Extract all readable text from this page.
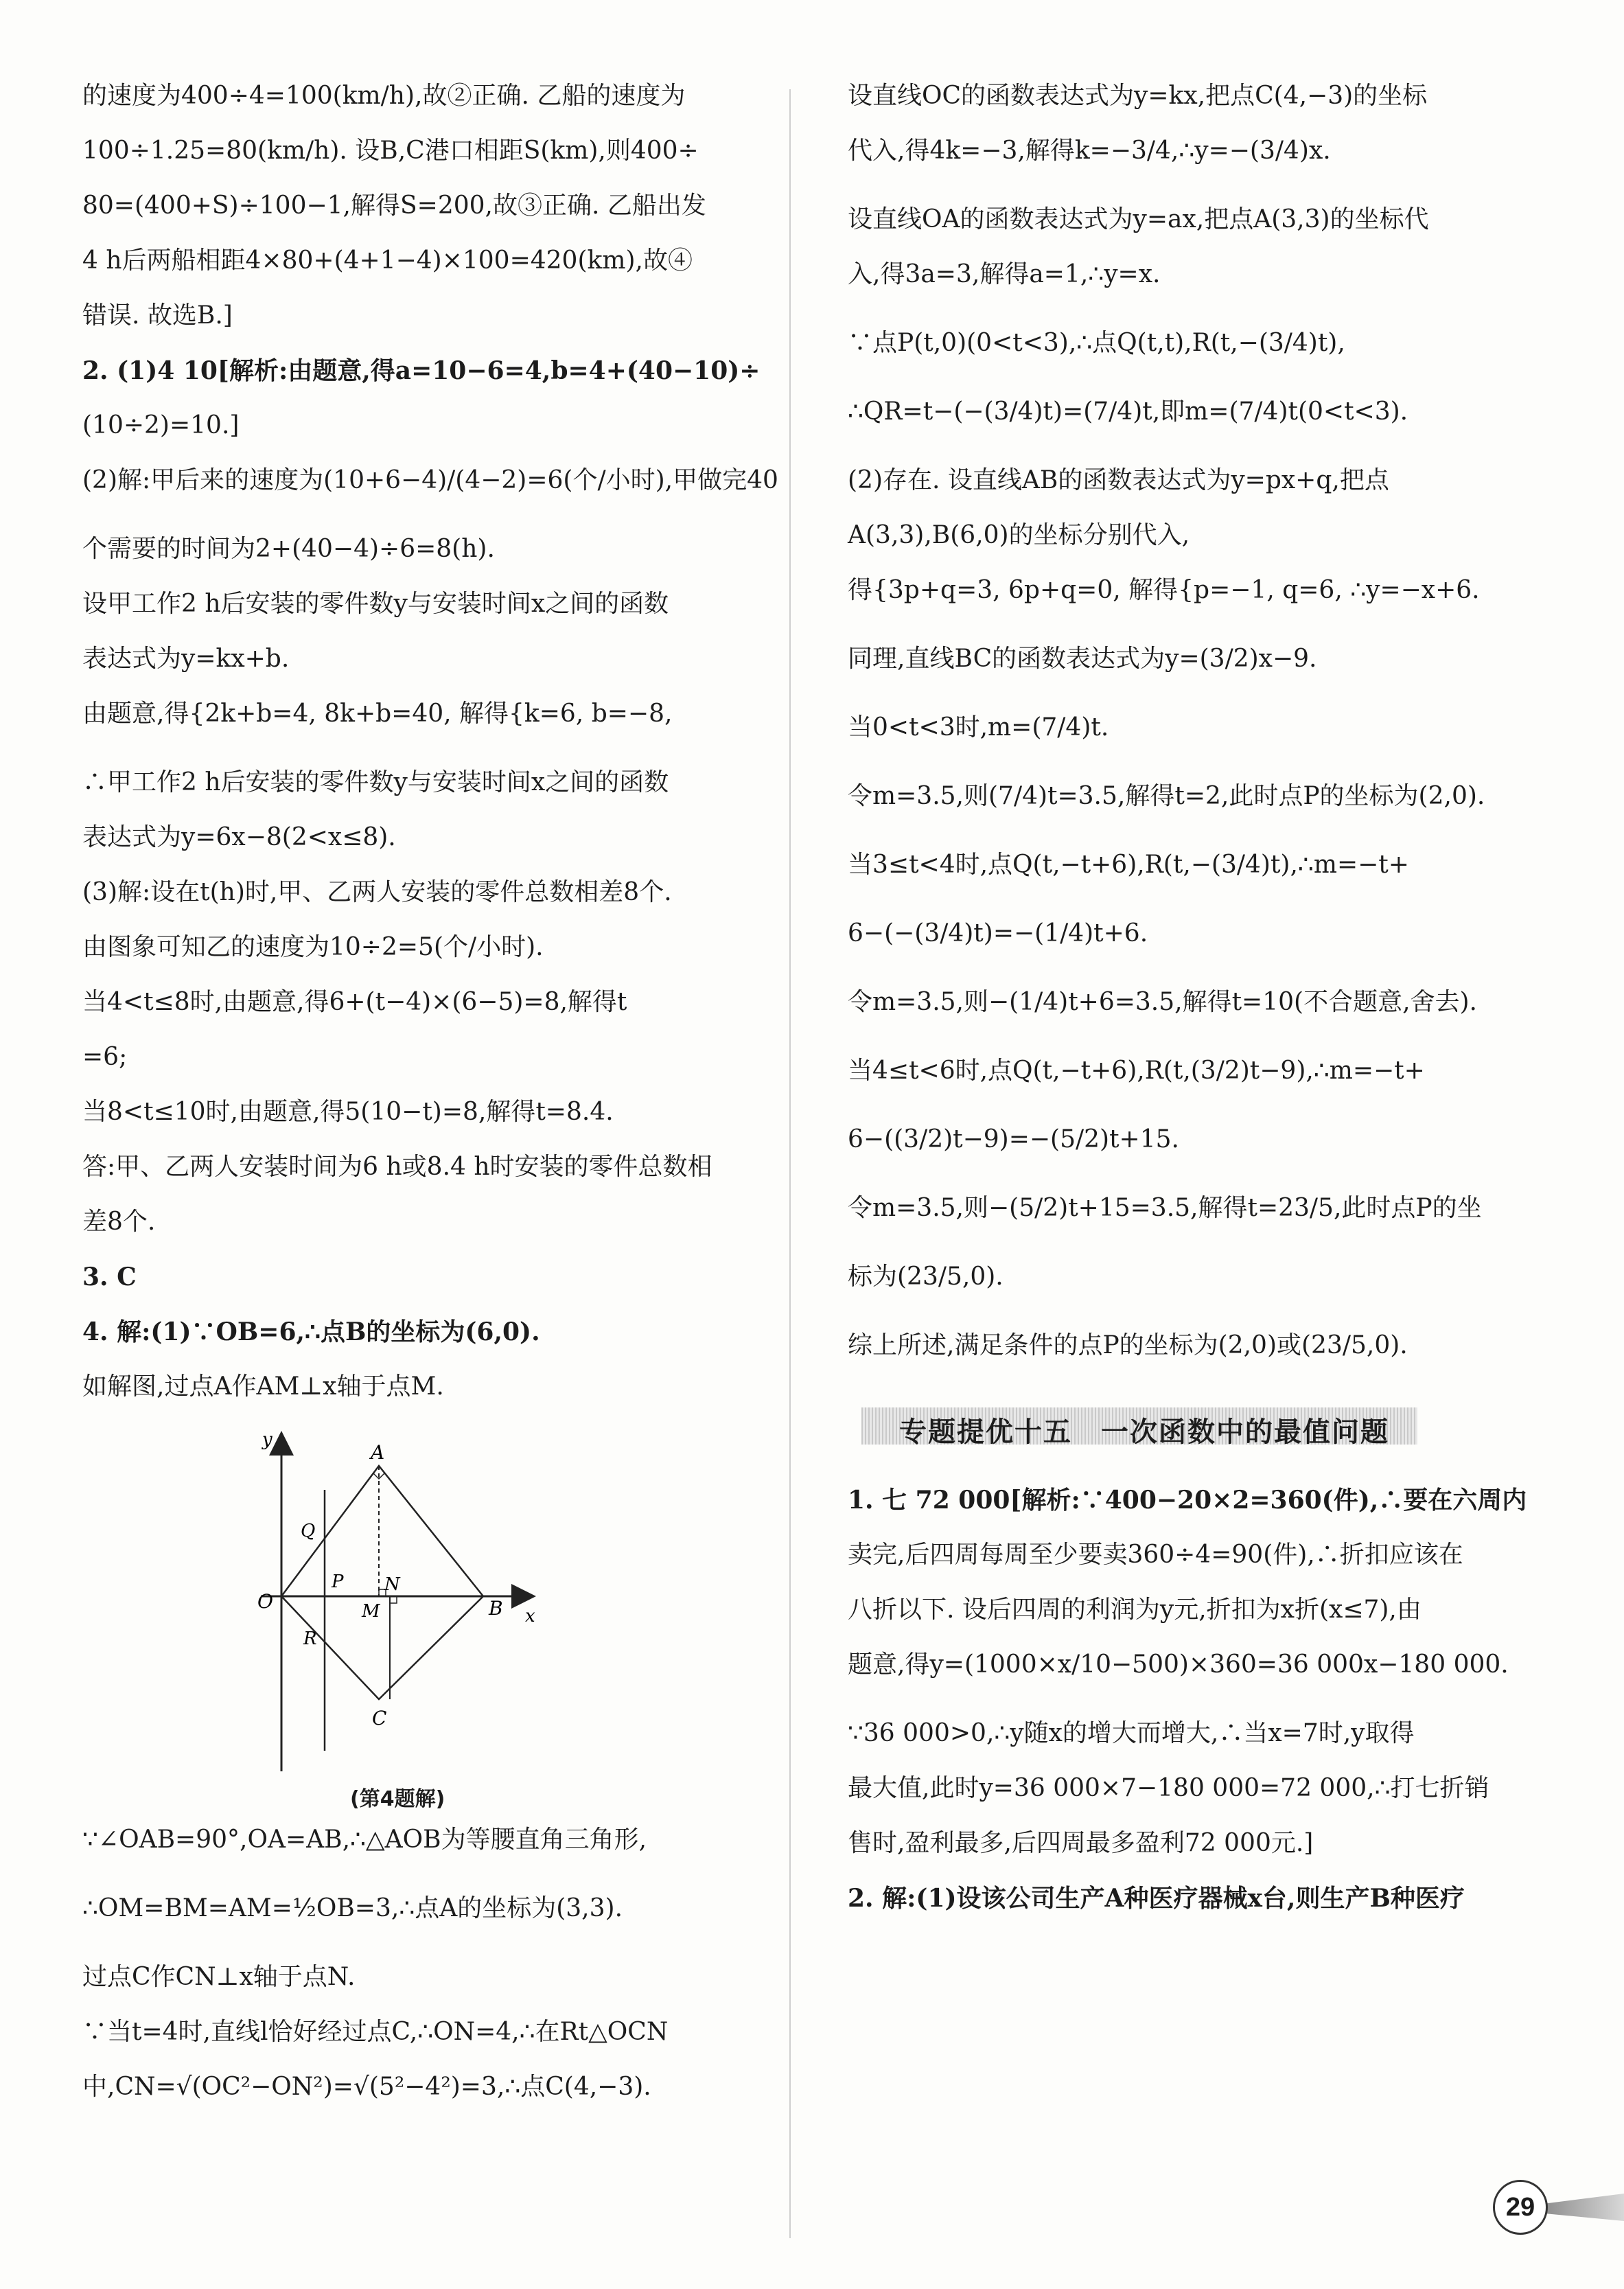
的速度为400÷4=100(km/h),故②正确. 乙船的速度为
100÷1.25=80(km/h). 设B,C港口相距S(km),则400÷
80=(400+S)÷100−1,解得S=200,故③正确. 乙船出发
4 h后两船相距4×80+(4+1−4)×100=420(km),故④
错误. 故选B.]
2. (1)4 10[解析:由题意,得a=10−6=4,b=4+(40−10)÷
(10÷2)=10.]
(2)解:甲后来的速度为(10+6−4)/(4−2)=6(个/小时),甲做完40
个需要的时间为2+(40−4)÷6=8(h).
设甲工作2 h后安装的零件数y与安装时间x之间的函数
表达式为y=kx+b.
由题意,得{2k+b=4, 8k+b=40, 解得{k=6, b=−8,
∴甲工作2 h后安装的零件数y与安装时间x之间的函数
表达式为y=6x−8(2<x≤8).
(3)解:设在t(h)时,甲、乙两人安装的零件总数相差8个.
由图象可知乙的速度为10÷2=5(个/小时).
当4<t≤8时,由题意,得6+(t−4)×(6−5)=8,解得t
=6;
当8<t≤10时,由题意,得5(10−t)=8,解得t=8.4.
答:甲、乙两人安装时间为6 h或8.4 h时安装的零件总数相
差8个.
3. C
4. 解:(1)∵OB=6,∴点B的坐标为(6,0).
如解图,过点A作AM⊥x轴于点M.
y
x
O
A
B
C
Q
P
R
M
N
(第4题解)
∵∠OAB=90°,OA=AB,∴△AOB为等腰直角三角形,
∴OM=BM=AM=½OB=3,∴点A的坐标为(3,3).
过点C作CN⊥x轴于点N.
∵当t=4时,直线l恰好经过点C,∴ON=4,∴在Rt△OCN
中,CN=√(OC²−ON²)=√(5²−4²)=3,∴点C(4,−3).
设直线OC的函数表达式为y=kx,把点C(4,−3)的坐标
代入,得4k=−3,解得k=−3/4,∴y=−(3/4)x.
设直线OA的函数表达式为y=ax,把点A(3,3)的坐标代
入,得3a=3,解得a=1,∴y=x.
∵点P(t,0)(0<t<3),∴点Q(t,t),R(t,−(3/4)t),
∴QR=t−(−(3/4)t)=(7/4)t,即m=(7/4)t(0<t<3).
(2)存在. 设直线AB的函数表达式为y=px+q,把点
A(3,3),B(6,0)的坐标分别代入,
得{3p+q=3, 6p+q=0, 解得{p=−1, q=6, ∴y=−x+6.
同理,直线BC的函数表达式为y=(3/2)x−9.
当0<t<3时,m=(7/4)t.
令m=3.5,则(7/4)t=3.5,解得t=2,此时点P的坐标为(2,0).
当3≤t<4时,点Q(t,−t+6),R(t,−(3/4)t),∴m=−t+
6−(−(3/4)t)=−(1/4)t+6.
令m=3.5,则−(1/4)t+6=3.5,解得t=10(不合题意,舍去).
当4≤t<6时,点Q(t,−t+6),R(t,(3/2)t−9),∴m=−t+
6−((3/2)t−9)=−(5/2)t+15.
令m=3.5,则−(5/2)t+15=3.5,解得t=23/5,此时点P的坐
标为(23/5,0).
综上所述,满足条件的点P的坐标为(2,0)或(23/5,0).
专题提优十五　一次函数中的最值问题
1. 七 72 000[解析:∵400−20×2=360(件),∴要在六周内
卖完,后四周每周至少要卖360÷4=90(件),∴折扣应该在
八折以下. 设后四周的利润为y元,折扣为x折(x≤7),由
题意,得y=(1000×x/10−500)×360=36 000x−180 000.
∵36 000>0,∴y随x的增大而增大,∴当x=7时,y取得
最大值,此时y=36 000×7−180 000=72 000,∴打七折销
售时,盈利最多,后四周最多盈利72 000元.]
2. 解:(1)设该公司生产A种医疗器械x台,则生产B种医疗
29
